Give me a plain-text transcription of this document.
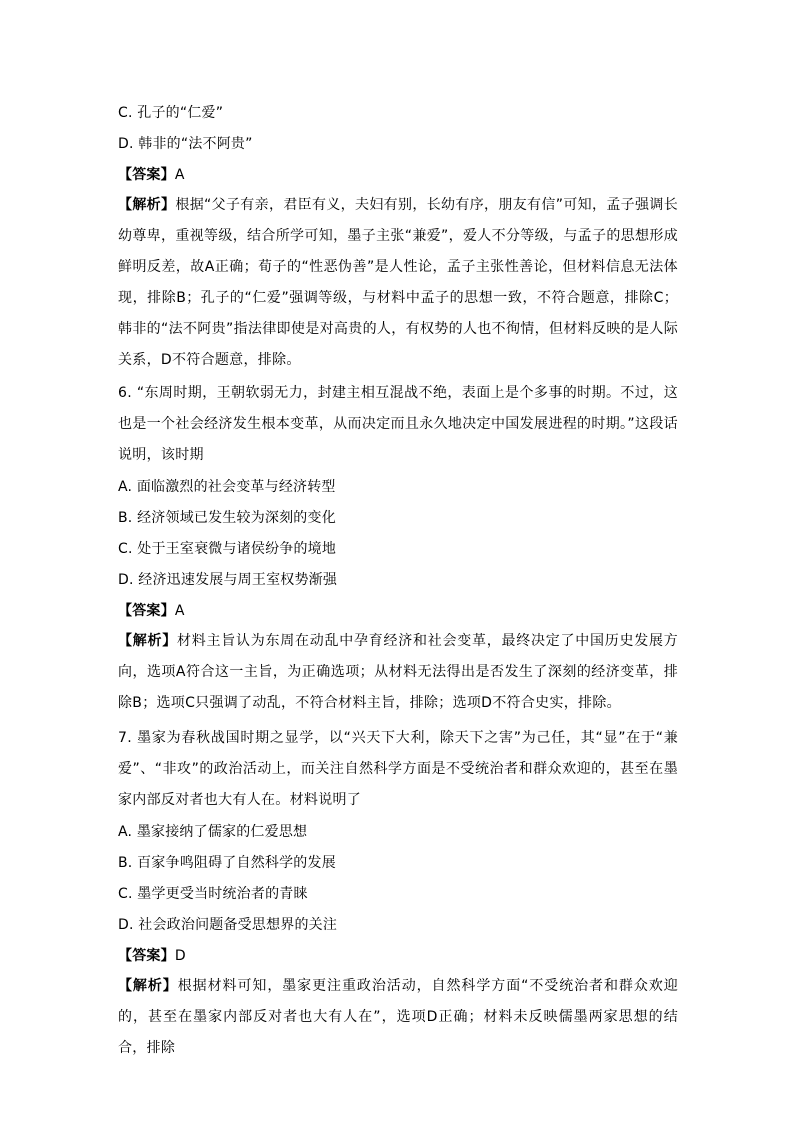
C. 孔子的“仁爱”
D. 韩非的“法不阿贵”
【答案】A
【解析】根据“父子有亲，君臣有义，夫妇有别，长幼有序，朋友有信”可知，孟子强调长幼尊卑，重视等级，结合所学可知，墨子主张“兼爱”，爱人不分等级，与孟子的思想形成鲜明反差，故A正确；荀子的“性恶伪善”是人性论，孟子主张性善论，但材料信息无法体现，排除B；孔子的“仁爱”强调等级，与材料中孟子的思想一致，不符合题意，排除C；韩非的“法不阿贵”指法律即使是对高贵的人，有权势的人也不徇情，但材料反映的是人际关系，D不符合题意，排除。
6. “东周时期，王朝软弱无力，封建主相互混战不绝，表面上是个多事的时期。不过，这也是一个社会经济发生根本变革，从而决定而且永久地决定中国发展进程的时期。”这段话说明，该时期
A. 面临激烈的社会变革与经济转型
B. 经济领域已发生较为深刻的变化
C. 处于王室衰微与诸侯纷争的境地
D. 经济迅速发展与周王室权势渐强
【答案】A
【解析】材料主旨认为东周在动乱中孕育经济和社会变革，最终决定了中国历史发展方向，选项A符合这一主旨，为正确选项；从材料无法得出是否发生了深刻的经济变革，排除B；选项C只强调了动乱，不符合材料主旨，排除；选项D不符合史实，排除。
7. 墨家为春秋战国时期之显学，以“兴天下大利，除天下之害”为己任，其“显”在于“兼爱”、“非攻”的政治活动上，而关注自然科学方面是不受统治者和群众欢迎的，甚至在墨家内部反对者也大有人在。材料说明了
A. 墨家接纳了儒家的仁爱思想
B. 百家争鸣阻碍了自然科学的发展
C. 墨学更受当时统治者的青睐
D. 社会政治问题备受思想界的关注
【答案】D
【解析】根据材料可知，墨家更注重政治活动，自然科学方面“不受统治者和群众欢迎的，甚至在墨家内部反对者也大有人在”，选项D正确；材料未反映儒墨两家思想的结合，排除
